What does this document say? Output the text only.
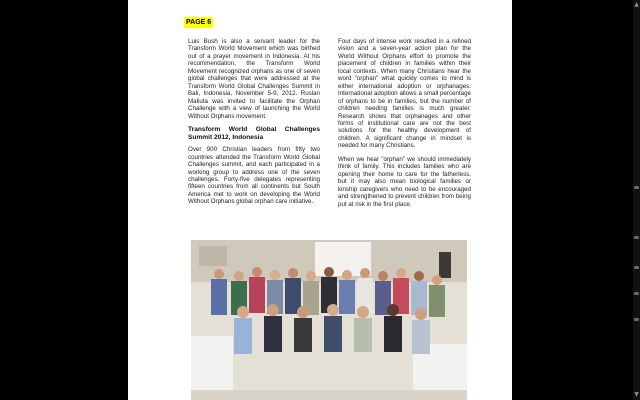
PAGE 6

Luis Bush is also a servant leader for the Transform World Movement which was birthed out of a prayer movement in Indonesia. At his recommendation, the Transform World Movement recognized orphans as one of seven global challenges that were addressed at the Transform World Global Challenges Summit in Bali, Indonesia, November 5-9, 2012. Ruslan Maliuta was invited to facilitate the Orphan Challenge with a view of launching the World Without Orphans movement.

Transform World Global Challenges Summit 2012, Indonesia

Over 900 Christian leaders from fifty two countries attended the Transform World Global Challenges summit, and each participated in a working group to address one of the seven challenges. Forty-five delegates representing fifteen countries from all continents but South America met to work on developing the World Without Orphans global orphan care initiative.

Four days of intense work resulted in a refined vision and a seven-year action plan for the World Without Orphans effort to promote the placement of children in families within their local contexts. When many Christians hear the word "orphan" what quickly comes to mind is either international adoption or orphanages. International adoption allows a small percentage of orphans to be in families, but the number of children needing families is much greater. Research shows that orphanages and other forms of institutional care are not the best solutions for the healthy development of children. A significant change in mindset is needed for many Christians.

When we hear "orphan" we should immediately think of family. This includes families who are opening their home to care for the fatherless, but it may also mean biological families or kinship caregivers who need to be encouraged and strengthened to prevent children from being put at risk in the first place.

▲
▼
